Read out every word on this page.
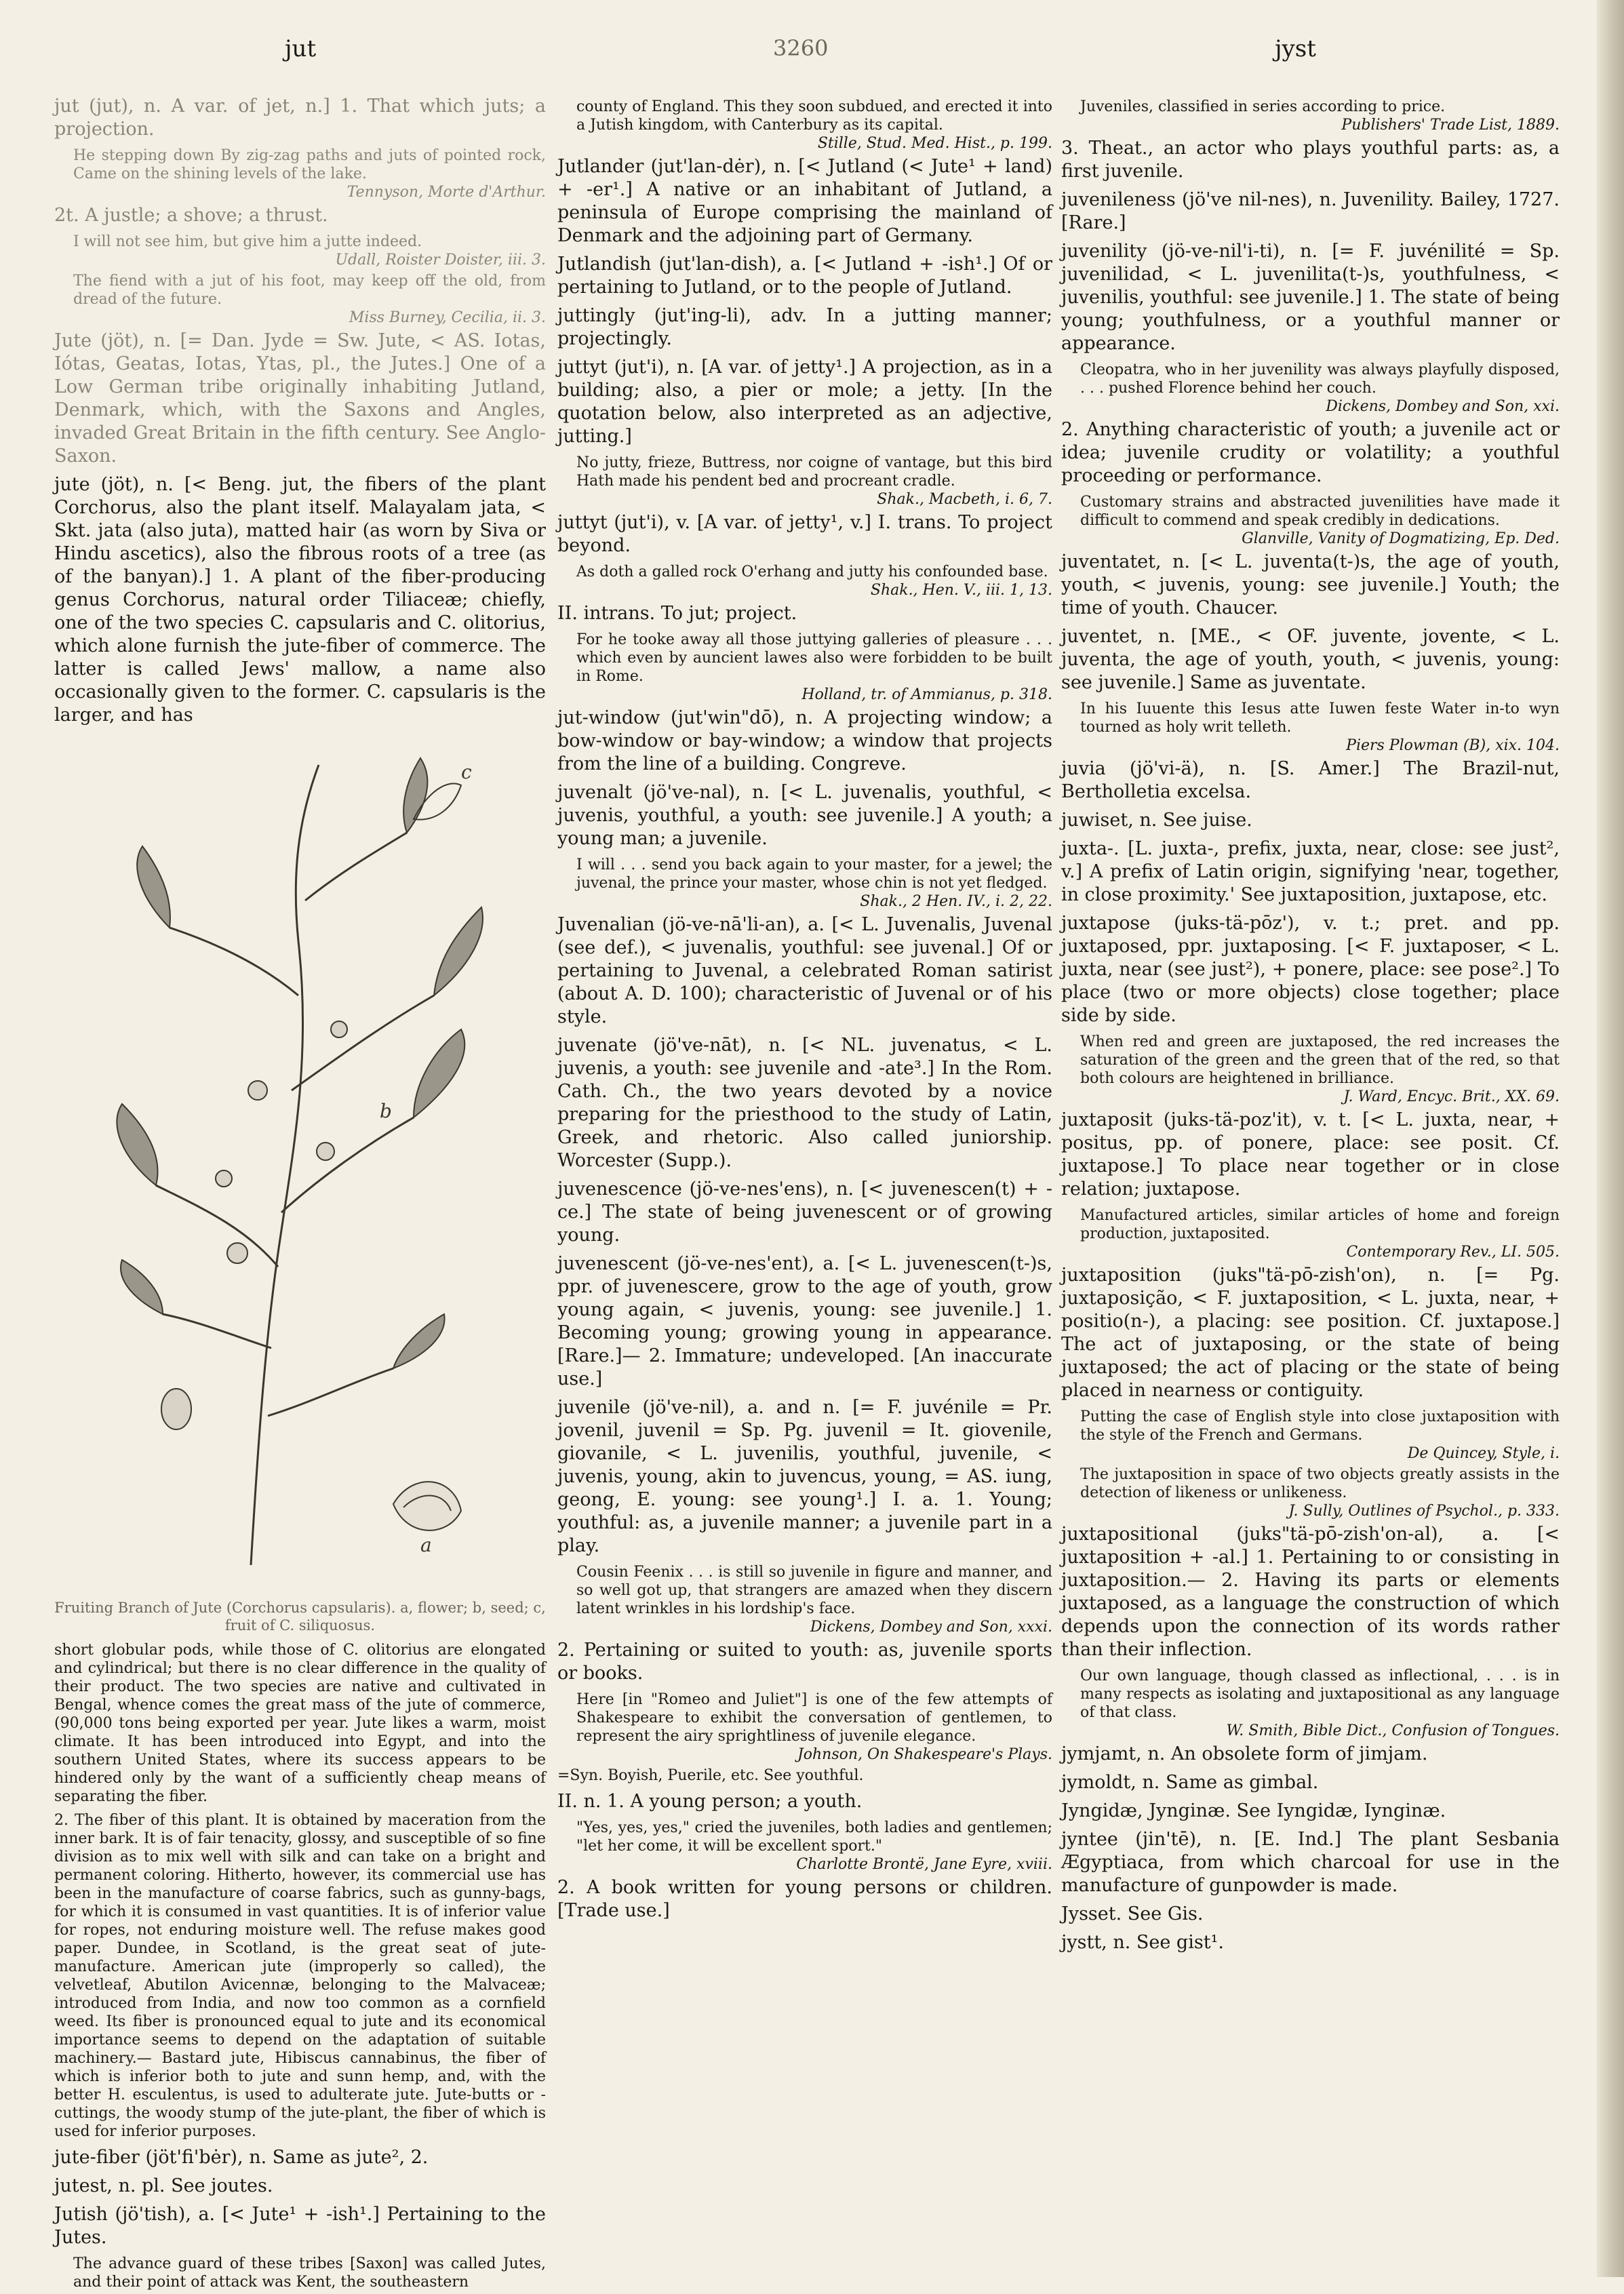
jut	3260	jyst

jut (jut), n. A var. of jet, n.] 1. That which juts; a projection.

He stepping down By zig-zag paths and juts of pointed rock, Came on the shining levels of the lake.
Tennyson, Morte d'Arthur.

2t. A justle; a shove; a thrust.

I will not see him, but give him a jutte indeed.
Udall, Roister Doister, iii. 3.
The fiend with a jut of his foot, may keep off the old, from dread of the future.
Miss Burney, Cecilia, ii. 3.

Jute (jöt), n. [= Dan. Jyde = Sw. Jute, < AS. Iotas, Iótas, Geatas, Iotas, Ytas, pl., the Jutes.] One of a Low German tribe originally inhabiting Jutland, Denmark, which, with the Saxons and Angles, invaded Great Britain in the fifth century. See Anglo-Saxon.

jute (jöt), n. [< Beng. jut, the fibers of the plant Corchorus, also the plant itself. Malayalam jata, < Skt. jata (also juta), matted hair (as worn by Siva or Hindu ascetics), also the fibrous roots of a tree (as of the banyan).] 1. A plant of the fiber-producing genus Corchorus, natural order Tiliaceæ; chiefly, one of the two species C. capsularis and C. olitorius, which alone furnish the jute-fiber of commerce. The latter is called Jews' mallow, a name also occasionally given to the former. C. capsularis is the larger, and has

b
a
c
Fruiting Branch of Jute (Corchorus capsularis). a, flower; b, seed; c, fruit of C. siliquosus.

short globular pods, while those of C. olitorius are elongated and cylindrical; but there is no clear difference in the quality of their product. The two species are native and cultivated in Bengal, whence comes the great mass of the jute of commerce, (90,000 tons being exported per year. Jute likes a warm, moist climate. It has been introduced into Egypt, and into the southern United States, where its success appears to be hindered only by the want of a sufficiently cheap means of separating the fiber.

2. The fiber of this plant. It is obtained by maceration from the inner bark. It is of fair tenacity, glossy, and susceptible of so fine division as to mix well with silk and can take on a bright and permanent coloring. Hitherto, however, its commercial use has been in the manufacture of coarse fabrics, such as gunny-bags, for which it is consumed in vast quantities. It is of inferior value for ropes, not enduring moisture well. The refuse makes good paper. Dundee, in Scotland, is the great seat of jute-manufacture. American jute (improperly so called), the velvetleaf, Abutilon Avicennæ, belonging to the Malvaceæ; introduced from India, and now too common as a cornfield weed. Its fiber is pronounced equal to jute and its economical importance seems to depend on the adaptation of suitable machinery.— Bastard jute, Hibiscus cannabinus, the fiber of which is inferior both to jute and sunn hemp, and, with the better H. esculentus, is used to adulterate jute. Jute-butts or -cuttings, the woody stump of the jute-plant, the fiber of which is used for inferior purposes.

jute-fiber (jöt'fi'bėr), n. Same as jute², 2.

jutest, n. pl. See joutes.

Jutish (jö'tish), a. [< Jute¹ + -ish¹.] Pertaining to the Jutes.

The advance guard of these tribes [Saxon] was called Jutes, and their point of attack was Kent, the southeastern
county of England. This they soon subdued, and erected it into a Jutish kingdom, with Canterbury as its capital.
Stille, Stud. Med. Hist., p. 199.

Jutlander (jut'lan-dėr), n. [< Jutland (< Jute¹ + land) + -er¹.] A native or an inhabitant of Jutland, a peninsula of Europe comprising the mainland of Denmark and the adjoining part of Germany.

Jutlandish (jut'lan-dish), a. [< Jutland + -ish¹.] Of or pertaining to Jutland, or to the people of Jutland.

juttingly (jut'ing-li), adv. In a jutting manner; projectingly.

juttyt (jut'i), n. [A var. of jetty¹.] A projection, as in a building; also, a pier or mole; a jetty. [In the quotation below, also interpreted as an adjective, jutting.]

No jutty, frieze, Buttress, nor coigne of vantage, but this bird Hath made his pendent bed and procreant cradle.
Shak., Macbeth, i. 6, 7.

juttyt (jut'i), v. [A var. of jetty¹, v.] I. trans. To project beyond.

As doth a galled rock O'erhang and jutty his confounded base.
Shak., Hen. V., iii. 1, 13.

II. intrans. To jut; project.

For he tooke away all those juttying galleries of pleasure . . . which even by auncient lawes also were forbidden to be built in Rome.
Holland, tr. of Ammianus, p. 318.

jut-window (jut'win"dō), n. A projecting window; a bow-window or bay-window; a window that projects from the line of a building. Congreve.

juvenalt (jö've-nal), n. [< L. juvenalis, youthful, < juvenis, youthful, a youth: see juvenile.] A youth; a young man; a juvenile.

I will . . . send you back again to your master, for a jewel; the juvenal, the prince your master, whose chin is not yet fledged.
Shak., 2 Hen. IV., i. 2, 22.

Juvenalian (jö-ve-nā'li-an), a. [< L. Juvenalis, Juvenal (see def.), < juvenalis, youthful: see juvenal.] Of or pertaining to Juvenal, a celebrated Roman satirist (about A. D. 100); characteristic of Juvenal or of his style.

juvenate (jö've-nāt), n. [< NL. juvenatus, < L. juvenis, a youth: see juvenile and -ate³.] In the Rom. Cath. Ch., the two years devoted by a novice preparing for the priesthood to the study of Latin, Greek, and rhetoric. Also called juniorship. Worcester (Supp.).

juvenescence (jö-ve-nes'ens), n. [< juvenescen(t) + -ce.] The state of being juvenescent or of growing young.

juvenescent (jö-ve-nes'ent), a. [< L. juvenescen(t-)s, ppr. of juvenescere, grow to the age of youth, grow young again, < juvenis, young: see juvenile.] 1. Becoming young; growing young in appearance. [Rare.]— 2. Immature; undeveloped. [An inaccurate use.]

juvenile (jö've-nil), a. and n. [= F. juvénile = Pr. jovenil, juvenil = Sp. Pg. juvenil = It. giovenile, giovanile, < L. juvenilis, youthful, juvenile, < juvenis, young, akin to juvencus, young, = AS. iung, geong, E. young: see young¹.] I. a. 1. Young; youthful: as, a juvenile manner; a juvenile part in a play.

Cousin Feenix . . . is still so juvenile in figure and manner, and so well got up, that strangers are amazed when they discern latent wrinkles in his lordship's face.
Dickens, Dombey and Son, xxxi.

2. Pertaining or suited to youth: as, juvenile sports or books.

Here [in "Romeo and Juliet"] is one of the few attempts of Shakespeare to exhibit the conversation of gentlemen, to represent the airy sprightliness of juvenile elegance.
Johnson, On Shakespeare's Plays.

=Syn. Boyish, Puerile, etc. See youthful.

II. n. 1. A young person; a youth.

"Yes, yes, yes," cried the juveniles, both ladies and gentlemen; "let her come, it will be excellent sport."
Charlotte Brontë, Jane Eyre, xviii.

2. A book written for young persons or children. [Trade use.]

Juveniles, classified in series according to price.
Publishers' Trade List, 1889.

3. Theat., an actor who plays youthful parts: as, a first juvenile.

juvenileness (jö've nil-nes), n. Juvenility. Bailey, 1727. [Rare.]

juvenility (jö-ve-nil'i-ti), n. [= F. juvénilité = Sp. juvenilidad, < L. juvenilita(t-)s, youthfulness, < juvenilis, youthful: see juvenile.] 1. The state of being young; youthfulness, or a youthful manner or appearance.

Cleopatra, who in her juvenility was always playfully disposed, . . . pushed Florence behind her couch.
Dickens, Dombey and Son, xxi.

2. Anything characteristic of youth; a juvenile act or idea; juvenile crudity or volatility; a youthful proceeding or performance.

Customary strains and abstracted juvenilities have made it difficult to commend and speak credibly in dedications.
Glanville, Vanity of Dogmatizing, Ep. Ded.

juventatet, n. [< L. juventa(t-)s, the age of youth, youth, < juvenis, young: see juvenile.] Youth; the time of youth. Chaucer.

juventet, n. [ME., < OF. juvente, jovente, < L. juventa, the age of youth, youth, < juvenis, young: see juvenile.] Same as juventate.

In his Iuuente this Iesus atte Iuwen feste Water in-to wyn tourned as holy writ telleth.
Piers Plowman (B), xix. 104.

juvia (jö'vi-ä), n. [S. Amer.] The Brazil-nut, Bertholletia excelsa.

juwiset, n. See juise.

juxta-. [L. juxta-, prefix, juxta, near, close: see just², v.] A prefix of Latin origin, signifying 'near, together, in close proximity.' See juxtaposition, juxtapose, etc.

juxtapose (juks-tä-pōz'), v. t.; pret. and pp. juxtaposed, ppr. juxtaposing. [< F. juxtaposer, < L. juxta, near (see just²), + ponere, place: see pose².] To place (two or more objects) close together; place side by side.

When red and green are juxtaposed, the red increases the saturation of the green and the green that of the red, so that both colours are heightened in brilliance.
J. Ward, Encyc. Brit., XX. 69.

juxtaposit (juks-tä-poz'it), v. t. [< L. juxta, near, + positus, pp. of ponere, place: see posit. Cf. juxtapose.] To place near together or in close relation; juxtapose.

Manufactured articles, similar articles of home and foreign production, juxtaposited.
Contemporary Rev., LI. 505.

juxtaposition (juks"tä-pō-zish'on), n. [= Pg. juxtaposição, < F. juxtaposition, < L. juxta, near, + positio(n-), a placing: see position. Cf. juxtapose.] The act of juxtaposing, or the state of being juxtaposed; the act of placing or the state of being placed in nearness or contiguity.

Putting the case of English style into close juxtaposition with the style of the French and Germans.
De Quincey, Style, i.
The juxtaposition in space of two objects greatly assists in the detection of likeness or unlikeness.
J. Sully, Outlines of Psychol., p. 333.

juxtapositional (juks"tä-pō-zish'on-al), a. [< juxtaposition + -al.] 1. Pertaining to or consisting in juxtaposition.— 2. Having its parts or elements juxtaposed, as a language the construction of which depends upon the connection of its words rather than their inflection.

Our own language, though classed as inflectional, . . . is in many respects as isolating and juxtapositional as any language of that class.
W. Smith, Bible Dict., Confusion of Tongues.

jymjamt, n. An obsolete form of jimjam.

jymoldt, n. Same as gimbal.

Jyngidæ, Jynginæ. See Iyngidæ, Iynginæ.

jyntee (jin'tē), n. [E. Ind.] The plant Sesbania Ægyptiaca, from which charcoal for use in the manufacture of gunpowder is made.

Jysset. See Gis.

jystt, n. See gist¹.
